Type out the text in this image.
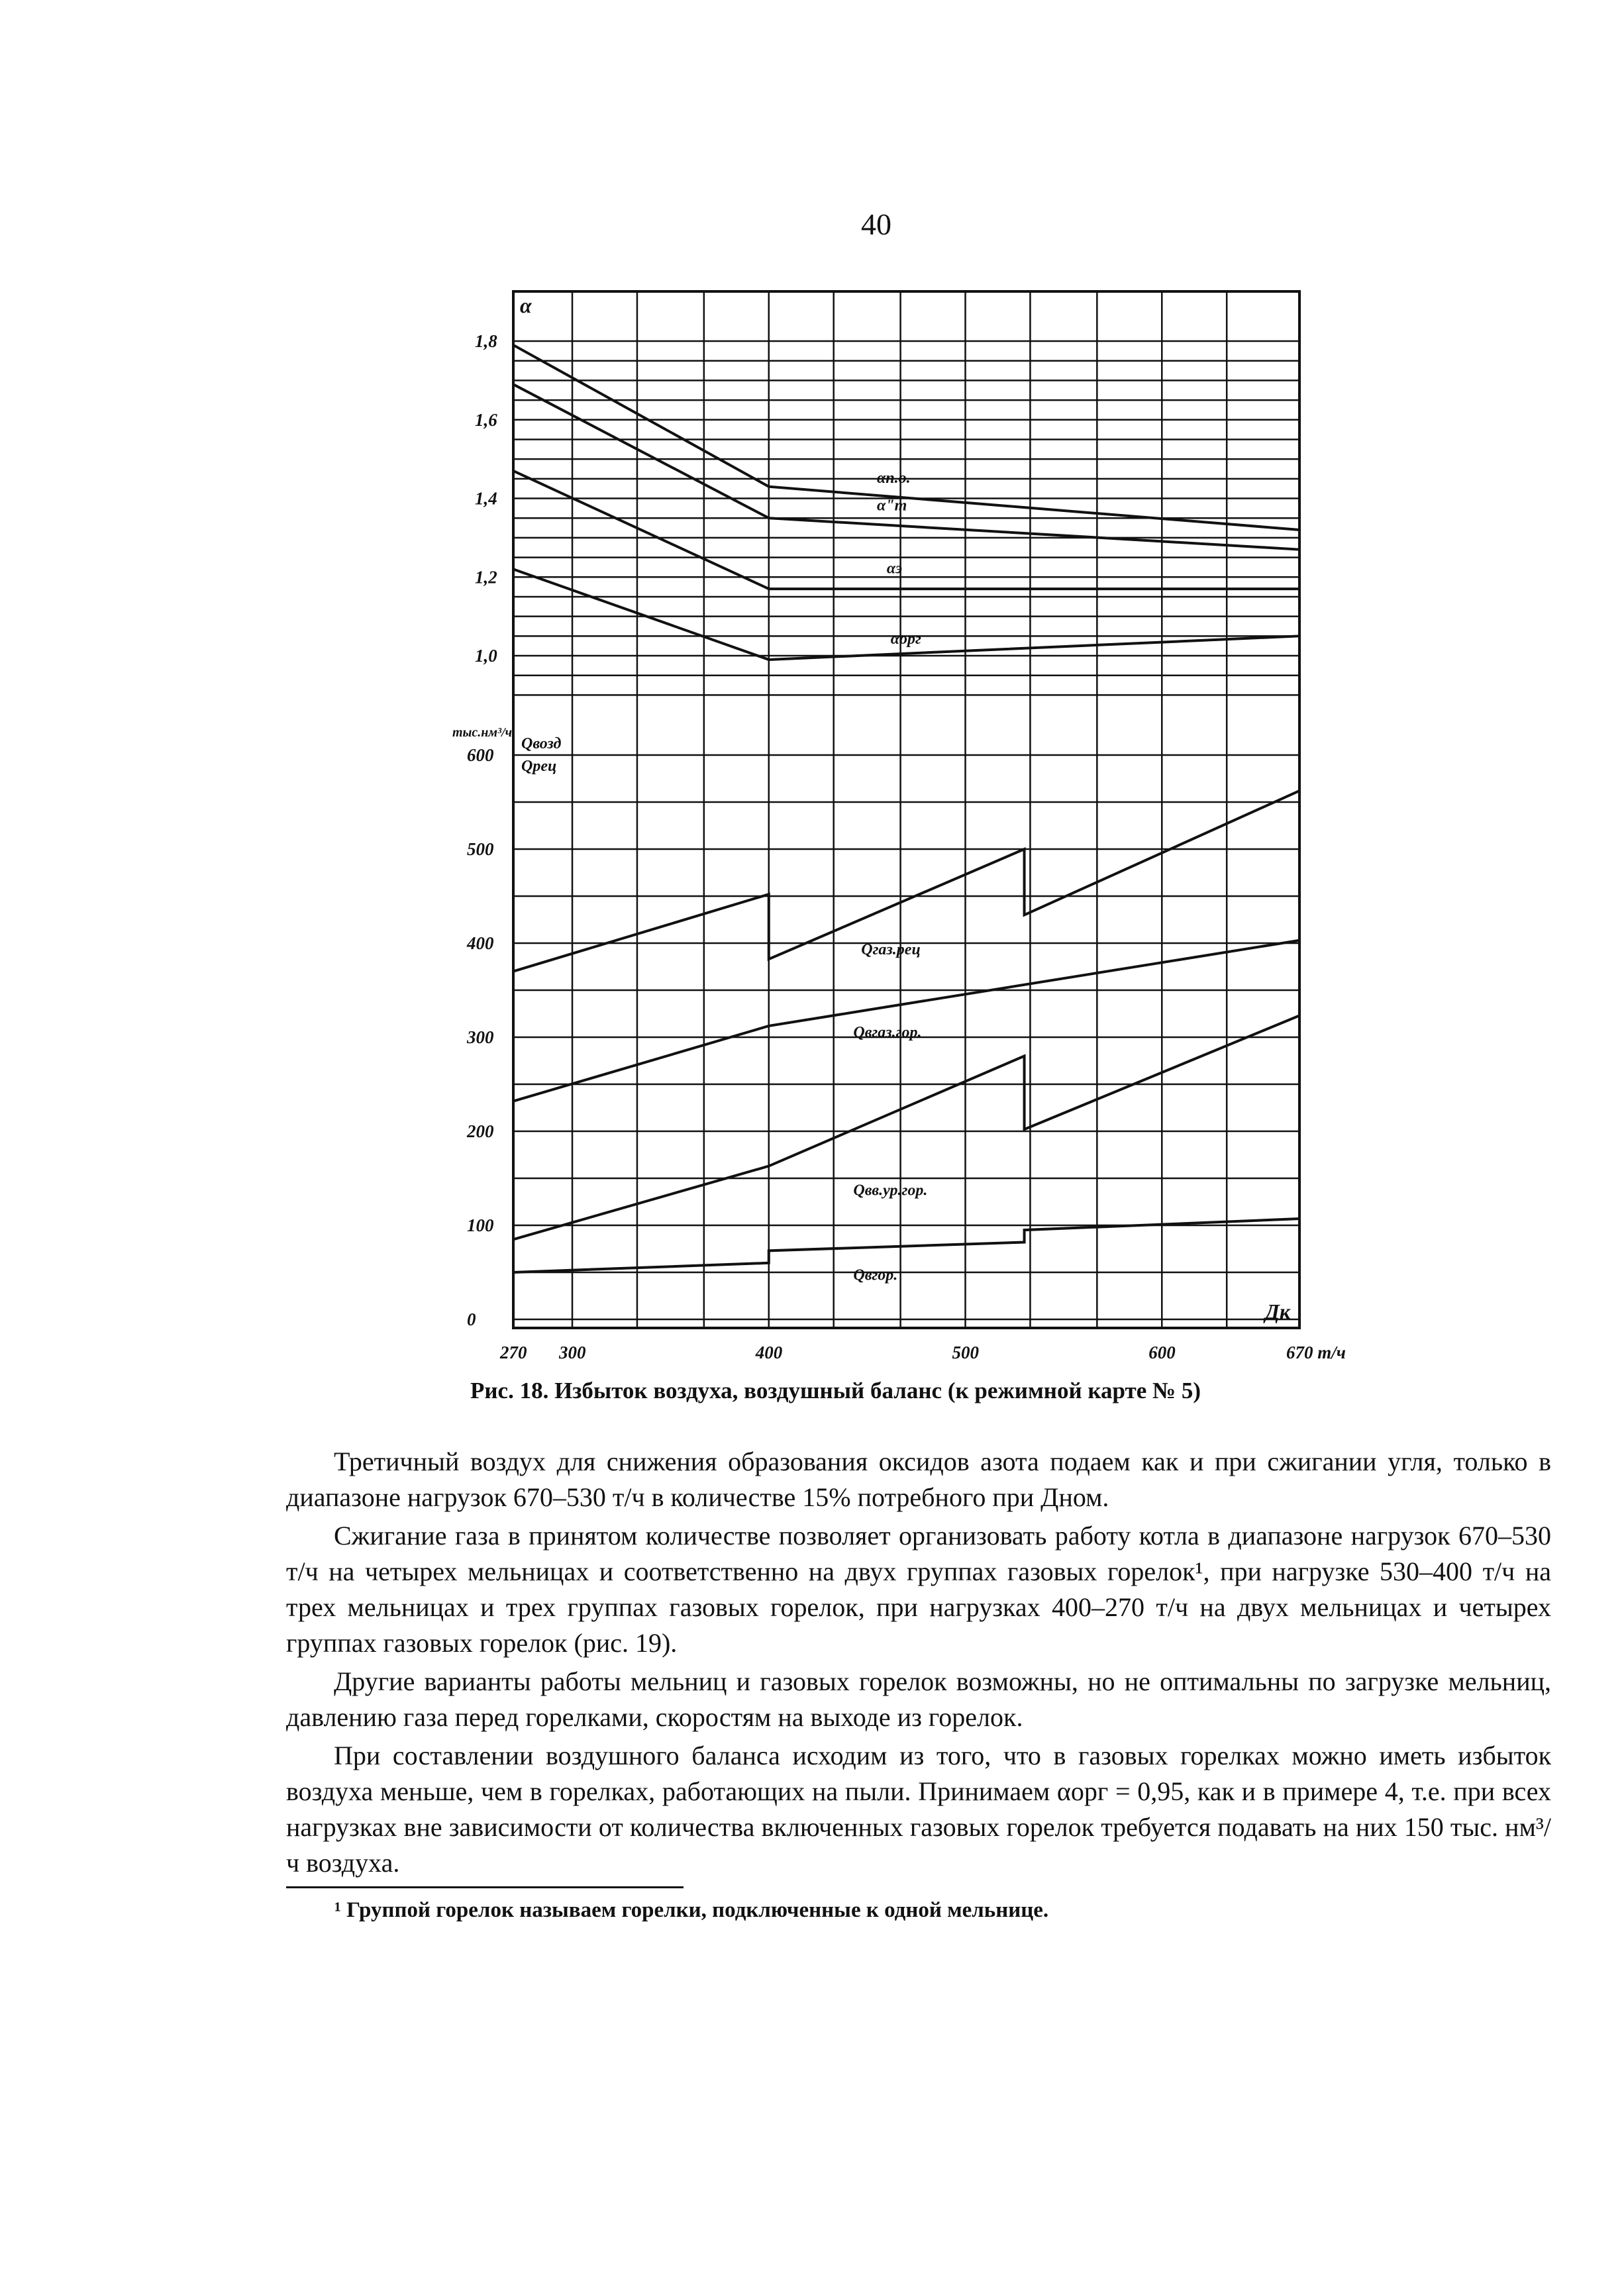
40
1,8
1,6
1,4
1,2
1,0
α
600
500
400
300
200
100
0
тыс.нм³/ч
Qвозд
Qрец
270 300	400	500	600	670 т/ч
Дк
αп.о.
α"т
αэ
αорг
Qгаз.рец
Qвгаз.гор.
Qвв.ур.гор.
Qвгор.
Рис. 18. Избыток воздуха, воздушный баланс (к режимной карте № 5)

Третичный воздух для снижения образования оксидов азота подаем как и при сжигании угля, только в диапазоне нагрузок 670–530 т/ч в количестве 15% потребного при Дном.

Сжигание газа в принятом количестве позволяет организовать работу котла в диапазоне нагрузок 670–530 т/ч на четырех мельницах и соответственно на двух группах газовых горелок¹, при нагрузке 530–400 т/ч на трех мельницах и трех группах газовых горелок, при нагрузках 400–270 т/ч на двух мельницах и четырех группах газовых горелок (рис. 19).

Другие варианты работы мельниц и газовых горелок возможны, но не оптимальны по загрузке мельниц, давлению газа перед горелками, скоростям на выходе из горелок.

При составлении воздушного баланса исходим из того, что в газовых горелках можно иметь избыток воздуха меньше, чем в горелках, работающих на пыли. Принимаем αорг = 0,95, как и в примере 4, т.е. при всех нагрузках вне зависимости от количества включенных газовых горелок требуется подавать на них 150 тыс. нм³/ч воздуха.

¹ Группой горелок называем горелки, подключенные к одной мельнице.
